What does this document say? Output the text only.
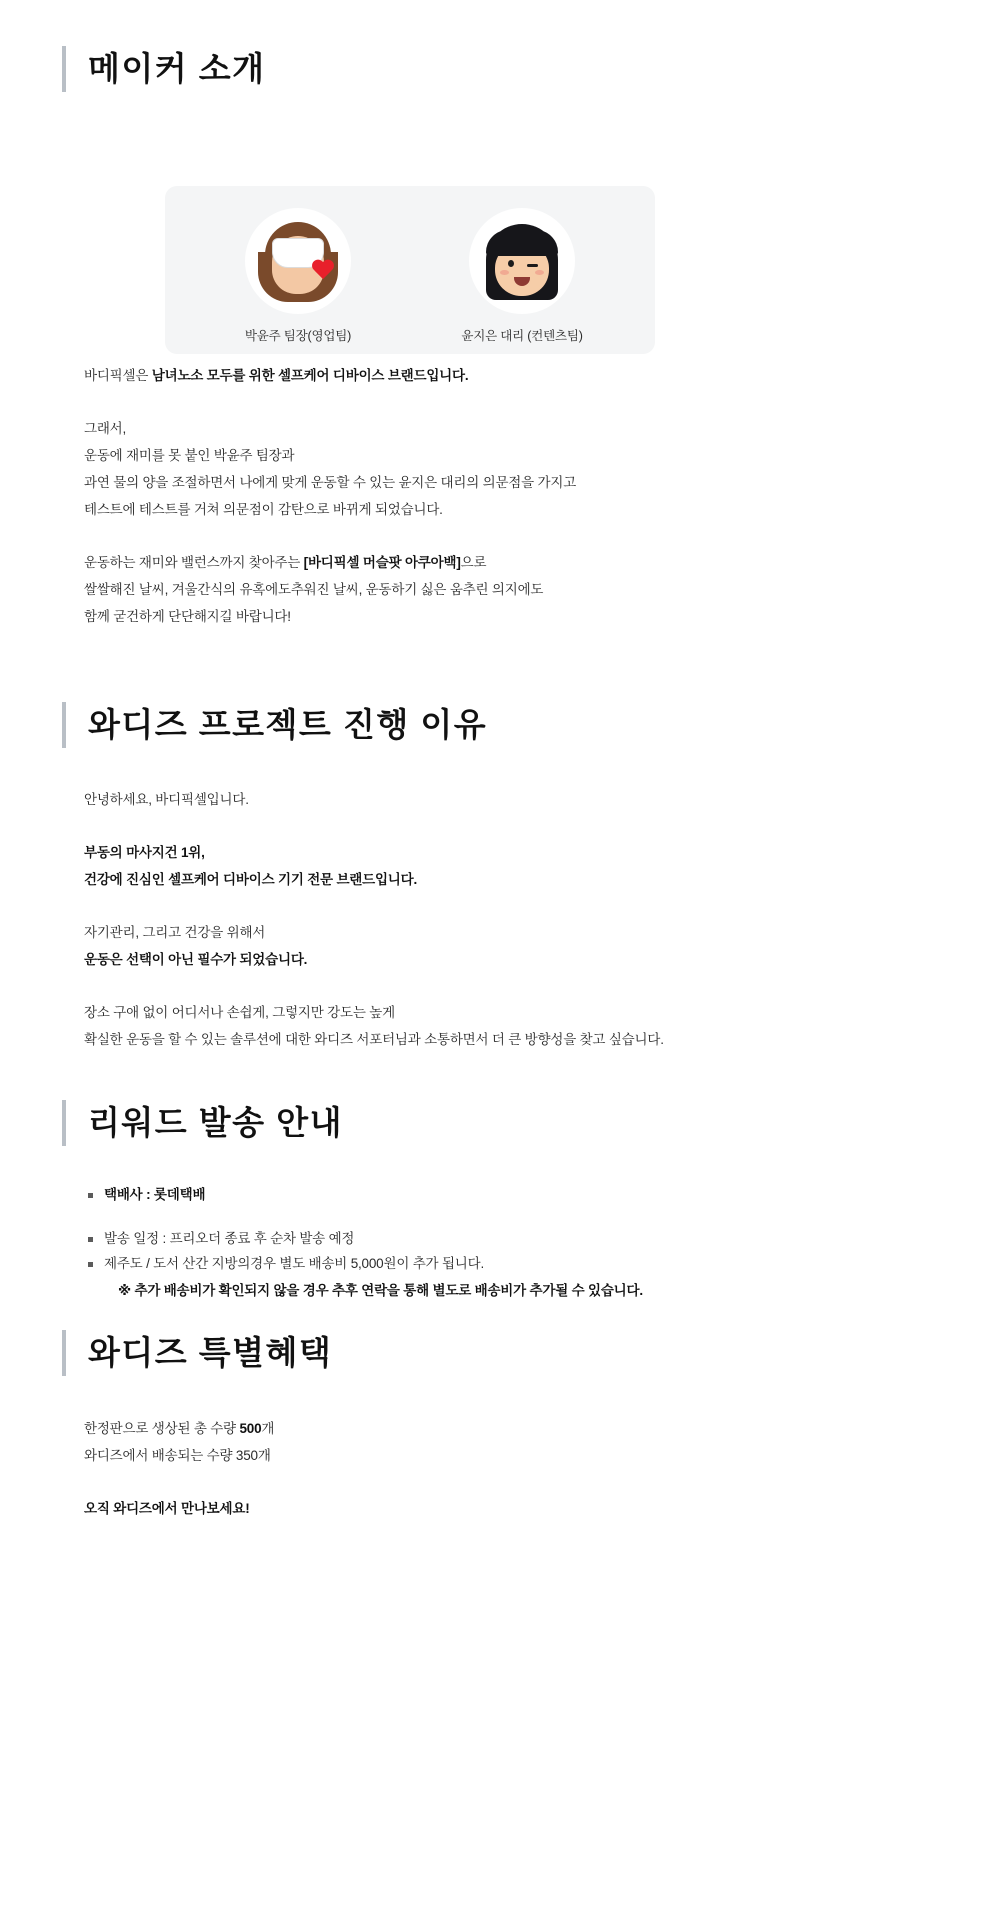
메이커 소개
박윤주 팀장(영업팀)	윤지은 대리 (컨텐츠팀)

바디픽셀은 남녀노소 모두를 위한 셀프케어 디바이스 브랜드입니다.

그래서,

운동에 재미를 못 붙인 박윤주 팀장과

과연 물의 양을 조절하면서 나에게 맞게 운동할 수 있는 윤지은 대리의 의문점을 가지고

테스트에 테스트를 거쳐 의문점이 감탄으로 바뀌게 되었습니다.

운동하는 재미와 밸런스까지 찾아주는 [바디픽셀 머슬팟 아쿠아백]으로

쌀쌀해진 날씨, 겨울간식의 유혹에도추워진 날씨, 운동하기 싫은 움추린 의지에도

함께 굳건하게 단단해지길 바랍니다!

와디즈 프로젝트 진행 이유

안녕하세요, 바디픽셀입니다.

부동의 마사지건 1위,

건강에 진심인 셀프케어 디바이스 기기 전문 브랜드입니다.

자기관리, 그리고 건강을 위해서

운동은 선택이 아닌 필수가 되었습니다.

장소 구애 없이 어디서나 손쉽게, 그렇지만 강도는 높게

확실한 운동을 할 수 있는 솔루션에 대한 와디즈 서포터님과 소통하면서 더 큰 방향성을 찾고 싶습니다.

리워드 발송 안내
택배사 : 롯데택배
발송 일정 : 프리오더 종료 후 순차 발송 예정
제주도 / 도서 산간 지방의경우 별도 배송비 5,000원이 추가 됩니다.
※ 추가 배송비가 확인되지 않을 경우 추후 연락을 통해 별도로 배송비가 추가될 수 있습니다.
와디즈 특별혜택

한정판으로 생상된 총 수량 500개

와디즈에서 배송되는 수량 350개

오직 와디즈에서 만나보세요!
